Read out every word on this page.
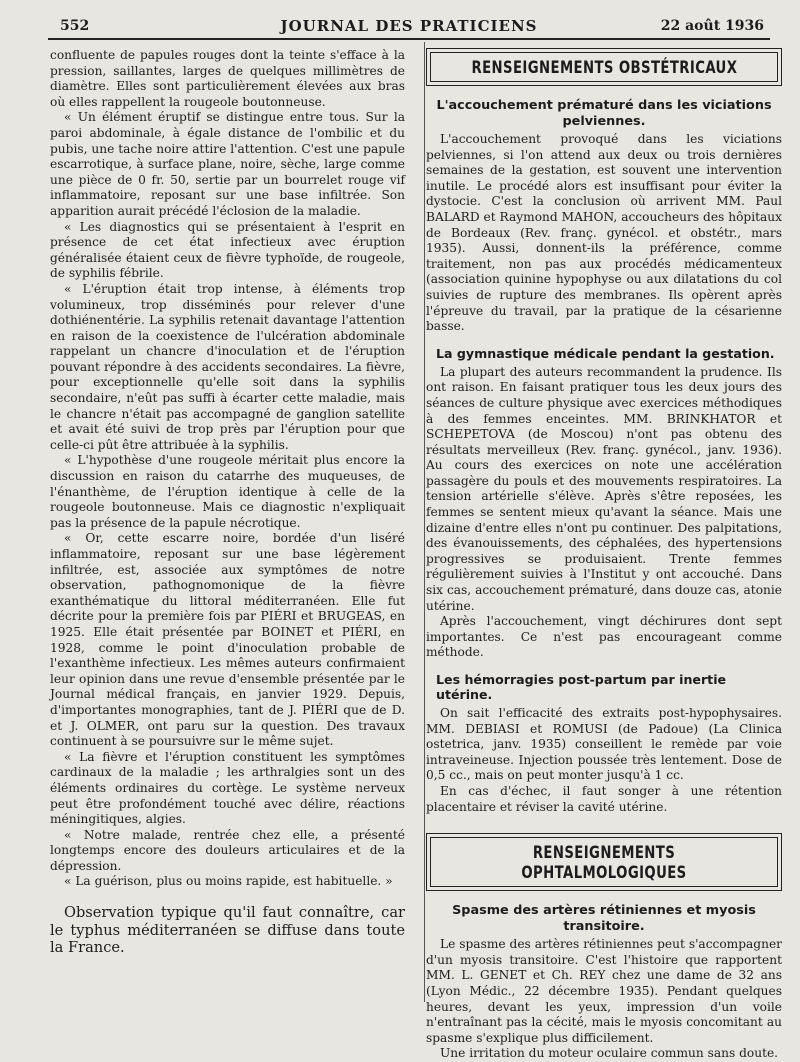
552	JOURNAL DES PRATICIENS	22 août 1936

confluente de papules rouges dont la teinte s'efface à la pression, saillantes, larges de quelques millimètres de diamètre. Elles sont particulièrement élevées aux bras où elles rappellent la rougeole boutonneuse.

« Un élément éruptif se distingue entre tous. Sur la paroi abdominale, à égale distance de l'ombilic et du pubis, une tache noire attire l'attention. C'est une papule escarrotique, à surface plane, noire, sèche, large comme une pièce de 0 fr. 50, sertie par un bourrelet rouge vif inflammatoire, reposant sur une base infiltrée. Son apparition aurait précédé l'éclosion de la maladie.

« Les diagnostics qui se présentaient à l'esprit en présence de cet état infectieux avec éruption généralisée étaient ceux de fièvre typhoïde, de rougeole, de syphilis fébrile.

« L'éruption était trop intense, à éléments trop volumineux, trop disséminés pour relever d'une dothiénentérie. La syphilis retenait davantage l'attention en raison de la coexistence de l'ulcération abdominale rappelant un chancre d'inoculation et de l'éruption pouvant répondre à des accidents secondaires. La fièvre, pour exceptionnelle qu'elle soit dans la syphilis secondaire, n'eût pas suffi à écarter cette maladie, mais le chancre n'était pas accompagné de ganglion satellite et avait été suivi de trop près par l'éruption pour que celle-ci pût être attribuée à la syphilis.

« L'hypothèse d'une rougeole méritait plus encore la discussion en raison du catarrhe des muqueuses, de l'énanthème, de l'éruption identique à celle de la rougeole boutonneuse. Mais ce diagnostic n'expliquait pas la présence de la papule nécrotique.

« Or, cette escarre noire, bordée d'un liséré inflammatoire, reposant sur une base légèrement infiltrée, est, associée aux symptômes de notre observation, pathognomonique de la fièvre exanthématique du littoral méditerranéen. Elle fut décrite pour la première fois par PIÉRI et BRUGEAS, en 1925. Elle était présentée par BOINET et PIÉRI, en 1928, comme le point d'inoculation probable de l'exanthème infectieux. Les mêmes auteurs confirmaient leur opinion dans une revue d'ensemble présentée par le Journal médical français, en janvier 1929. Depuis, d'importantes monographies, tant de J. PIÉRI que de D. et J. OLMER, ont paru sur la question. Des travaux continuent à se poursuivre sur le même sujet.

« La fièvre et l'éruption constituent les symptômes cardinaux de la maladie ; les arthralgies sont un des éléments ordinaires du cortège. Le système nerveux peut être profondément touché avec délire, réactions méningitiques, algies.

« Notre malade, rentrée chez elle, a présenté longtemps encore des douleurs articulaires et de la dépression.

« La guérison, plus ou moins rapide, est habituelle. »

Observation typique qu'il faut connaître, car le typhus méditerranéen se diffuse dans toute la France.

RENSEIGNEMENTS OBSTÉTRICAUX
L'accouchement prématuré dans les viciations pelviennes.

L'accouchement provoqué dans les viciations pelviennes, si l'on attend aux deux ou trois dernières semaines de la gestation, est souvent une intervention inutile. Le procédé alors est insuffisant pour éviter la dystocie. C'est la conclusion où arrivent MM. Paul BALARD et Raymond MAHON, accoucheurs des hôpitaux de Bordeaux (Rev. franç. gynécol. et obstétr., mars 1935). Aussi, donnent-ils la préférence, comme traitement, non pas aux procédés médicamenteux (association quinine hypophyse ou aux dilatations du col suivies de rupture des membranes. Ils opèrent après l'épreuve du travail, par la pratique de la césarienne basse.

La gymnastique médicale pendant la gestation.

La plupart des auteurs recommandent la prudence. Ils ont raison. En faisant pratiquer tous les deux jours des séances de culture physique avec exercices méthodiques à des femmes enceintes. MM. BRINKHATOR et SCHEPETOVA (de Moscou) n'ont pas obtenu des résultats merveilleux (Rev. franç. gynécol., janv. 1936). Au cours des exercices on note une accélération passagère du pouls et des mouvements respiratoires. La tension artérielle s'élève. Après s'être reposées, les femmes se sentent mieux qu'avant la séance. Mais une dizaine d'entre elles n'ont pu continuer. Des palpitations, des évanouissements, des céphalées, des hypertensions progressives se produisaient. Trente femmes régulièrement suivies à l'Institut y ont accouché. Dans six cas, accouchement prématuré, dans douze cas, atonie utérine.

Après l'accouchement, vingt déchirures dont sept importantes. Ce n'est pas encourageant comme méthode.

Les hémorragies post-partum par inertie utérine.

On sait l'efficacité des extraits post-hypophysaires. MM. DEBIASI et ROMUSI (de Padoue) (La Clinica ostetrica, janv. 1935) conseillent le remède par voie intraveineuse. Injection poussée très lentement. Dose de 0,5 cc., mais on peut monter jusqu'à 1 cc.

En cas d'échec, il faut songer à une rétention placentaire et réviser la cavité utérine.

RENSEIGNEMENTS OPHTALMOLOGIQUES
Spasme des artères rétiniennes et myosis transitoire.

Le spasme des artères rétiniennes peut s'accompagner d'un myosis transitoire. C'est l'histoire que rapportent MM. L. GENET et Ch. REY chez une dame de 32 ans (Lyon Médic., 22 décembre 1935). Pendant quelques heures, devant les yeux, impression d'un voile n'entraînant pas la cécité, mais le myosis concomitant au spasme s'explique plus difficilement.

Une irritation du moteur oculaire commun sans doute.
